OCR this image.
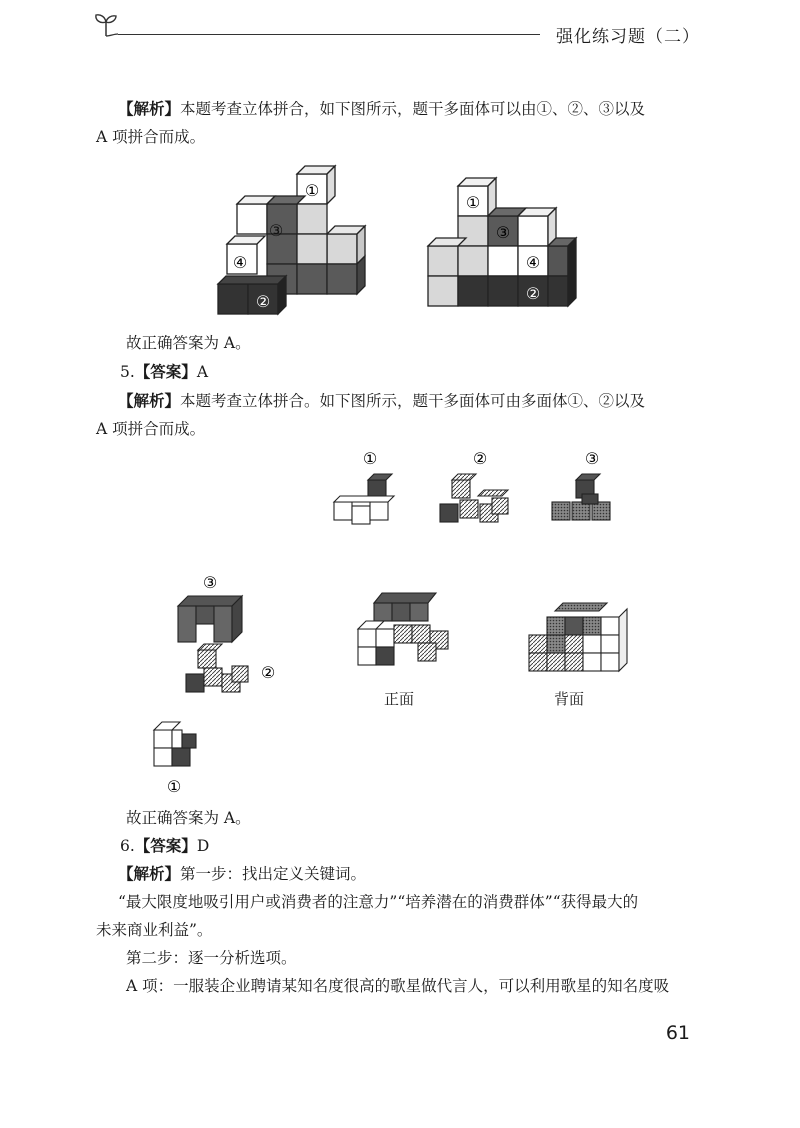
强化练习题（二）
【解析】本题考查立体拼合，如下图所示，题干多面体可以由①、②、③以及
A 项拼合而成。
①
③
④
②
①
③
④
②
故正确答案为 A。
5.【答案】A
【解析】本题考查立体拼合。如下图所示，题干多面体可由多面体①、②以及
A 项拼合而成。
①	②	③
③
②
①
正面	背面
故正确答案为 A。
6.【答案】D
【解析】第一步：找出定义关键词。
“最大限度地吸引用户或消费者的注意力”“培养潜在的消费群体”“获得最大的
未来商业利益”。
第二步：逐一分析选项。
A 项：一服装企业聘请某知名度很高的歌星做代言人，可以利用歌星的知名度吸
61
